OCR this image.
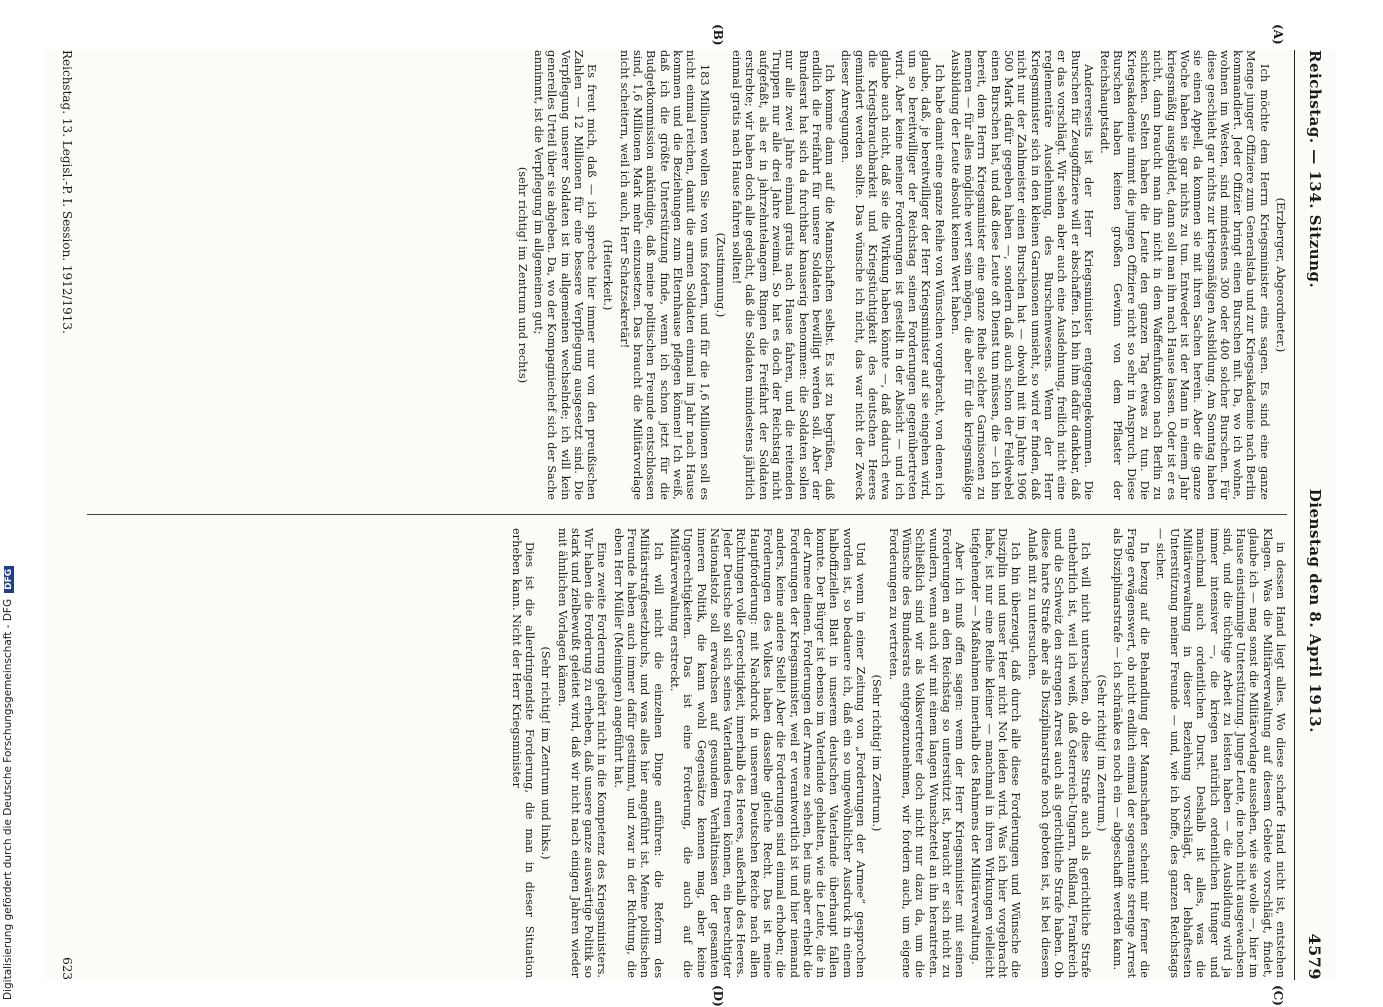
Digitalisierung gefördert durch die Deutsche Forschungsgemeinschaft - DFGDFG
Reichstag. — 134. Sitzung.
Dienstag den 8. April 1913.
4579
(A)
(B)
(C)
(D)

(Erzberger, Abgeordneter.)

Ich möchte dem Herrn Kriegsminister eins sagen. Es sind eine ganze Menge junger Offiziere zum Generalstab und zur Kriegsakademie nach Berlin kommandiert. Jeder Offizier bringt einen Burschen mit. Da, wo ich wohne, wohnen im Westen, sind mindestens 300 oder 400 solcher Burschen. Für diese geschieht gar nichts zur kriegsmäßigen Ausbildung. Am Sonntag haben sie einen Appell, da kommen sie mit ihren Sachen herein. Aber die ganze Woche haben sie gar nichts zu tun. Entweder ist der Mann in einem Jahr kriegsmäßig ausgebildet, dann soll man ihn nach Hause lassen. Oder ist er es nicht, dann braucht man ihn nicht in dem Waffenfunktion nach Berlin zu schicken. Selten haben die Leute den ganzen Tag etwas zu tun. Die Kriegsakademie nimmt die jungen Offiziere nicht so sehr in Anspruch. Diese Burschen haben keinen großen Gewinn von dem Pflaster der Reichshauptstadt.

Andererseits ist der Herr Kriegsminister entgegengekommen. Die Burschen für Zeugoffiziere will er abschaffen. Ich bin ihm dafür dankbar, daß er das vorschlägt. Wir sehen aber auch eine Ausdehnung, freilich nicht eine reglementäre Ausdehnung, des Burschenwesens. Wenn der Herr Kriegsminister sich in den kleinen Garnisonen umsieht, so wird er finden, daß nicht nur der Zahlmeister einen Burschen hat — obwohl mit im Jahre 1906 500 Mark dafür gegeben haben —, sondern daß auch schon der Feldwebel einen Burschen hat, und daß diese Leute oft Dienst tun müssen, die — ich bin bereit, dem Herrn Kriegsminister eine ganze Reihe solcher Garnisonen zu nennen — für alles mögliche wert sein mögen, die aber für die kriegsmäßige Ausbildung der Leute absolut keinen Wert haben.

Ich habe damit eine ganze Reihe von Wünschen vorgebracht, von denen ich glaube, daß, je bereitwilliger der Herr Kriegsminister auf sie eingehen wird, um so bereitwilliger der Reichstag seinen Forderungen gegenübertreten wird. Aber keine meiner Forderungen ist gestellt in der Absicht — und ich glaube auch nicht, daß sie die Wirkung haben könnte —, daß dadurch etwa die Kriegsbrauchbarkeit und Kriegstüchtigkeit des deutschen Heeres gemindert werden sollte. Das wünsche ich nicht, das war nicht der Zweck dieser Anregungen.

Ich komme dann auf die Mannschaften selbst. Es ist zu begrüßen, daß endlich die Freifahrt für unsere Soldaten bewilligt werden soll. Aber der Bundesrat hat sich da furchtbar knauserig benommen: die Soldaten sollen nur alle zwei Jahre einmal gratis nach Hause fahren, und die reitenden Truppen nur alle drei Jahre zweimal. So hat es doch der Reichstag nicht aufgefaßt, als er in jahrzehntelangem Ringen die Freifahrt der Soldaten erstrebte; wir haben doch alle gedacht, daß die Soldaten mindestens jährlich einmal gratis nach Hause fahren sollten!

(Zustimmung.)

183 Millionen wollen Sie von uns fordern, und für die 1,6 Millionen soll es nicht einmal reichen, damit die armen Soldaten einmal im Jahr nach Hause kommen und die Beziehungen zum Elternhause pflegen können! Ich weiß, daß ich die größte Unterstützung finde, wenn ich schon jetzt für die Budgetkommission ankündige, daß meine politischen Freunde entschlossen sind, 1,6 Millionen Mark mehr einzusetzen. Das braucht die Militärvorlage nicht scheitern, weil ich auch, Herr Schatzsekretär!

(Heiterkeit.)

Es freut mich, daß — ich spreche hier immer nur von den preußischen Zahlen — 12 Millionen für eine bessere Verpflegung ausgesetzt sind. Die Verpflegung unserer Soldaten ist im allgemeinen wechselnde; ich will kein generelles Urteil über sie abgeben. Da, wo der Kompagniechef sich der Sache annimmt, ist die Verpflegung im allgemeinen gut;

(sehr richtig! im Zentrum und rechts)

in dessen Hand liegt alles. Wo diese scharfe Hand nicht ist, entstehen Klagen. Was die Militärverwaltung auf diesem Gebiete vorschlägt, findet, glaube ich — mag sonst die Militärvorlage aussehen, wie sie wolle —, hier im Hause einstimmige Unterstützung. Junge Leute, die noch nicht ausgewachsen sind, und die tüchtige Arbeit zu leisten haben — die Ausbildung wird ja immer intensiver —, die kriegen natürlich ordentlichen Hunger und manchmal auch ordentlichen Durst. Deshalb ist alles, was die Militärverwaltung in dieser Beziehung vorschlägt, der lebhaftesten Unterstützung meiner Freunde — und, wie ich hoffe, des ganzen Reichstags — sicher.

In bezug auf die Behandlung der Mannschaften scheint mir ferner die Frage erwägenswert, ob nicht endlich einmal der sogenannte strenge Arrest als Disziplinarstrafe — ich schränke es noch ein — abgeschafft werden kann.

(Sehr richtig! im Zentrum.)

Ich will nicht untersuchen, ob diese Strafe auch als gerichtliche Strafe entbehrlich ist, weil ich weiß, daß Österreich-Ungarn, Rußland, Frankreich und die Schweiz den strengen Arrest auch als gerichtliche Strafe haben. Ob diese harte Strafe aber als Disziplinarstrafe noch geboten ist, ist bei diesem Anlaß mit zu untersuchen.

Ich bin überzeugt, daß durch alle diese Forderungen und Wünsche die Disziplin und unser Heer nicht Not leiden wird. Was ich hier vorgebracht habe, ist nur eine Reihe kleiner — manchmal in ihren Wirkungen vielleicht tiefgehender — Maßnahmen innerhalb des Rahmens der Militärverwaltung.

Aber ich muß offen sagen: wenn der Herr Kriegsminister mit seinen Forderungen an den Reichstag so unterstützt ist, braucht er sich nicht zu wundern, wenn auch wir mit einem langen Wunschzettel an ihn herantreten. Schließlich sind wir als Volksvertreter doch nicht nur dazu da, um die Wünsche des Bundesrats entgegenzunehmen, wir fordern auch, um eigene Forderungen zu vertreten.

(Sehr richtig! im Zentrum.)

Und wenn in einer Zeitung von „Forderungen der Armee“ gesprochen worden ist, so bedauere ich, daß ein so ungewöhnlicher Ausdruck in einem halboffiziellen Blatt in unserem deutschen Vaterlande überhaupt fallen konnte. Der Bürger ist ebenso im Vaterlande gehalten, wie die Leute, die in der Armee dienen. Forderungen der Armee zu sehen, bei uns aber erhebt die Forderungen der Kriegsminister, weil er verantwortlich ist und hier niemand anders, keine andere Stelle! Aber die Forderungen sind einmal erhoben; die Forderungen des Volkes haben dasselbe gleiche Recht. Das ist meine Hauptforderung: mit Nachdruck in unserem Deutschen Reiche nach allen Richtungen volle Gerechtigkeit, innerhalb des Heeres, außerhalb des Heeres. Jeder Deutsche soll sich seines Vaterlandes freuen können, ein berechtigter Nationalstolz soll erwachsen auf gesundem Verhältnissen der gesamten inneren Politik, die kann wohl Gegensätze kennen mag, aber keine Ungerechtigkeiten. Das ist eine Forderung, die auch auf die Militärverwaltung erstreckt.

Ich will nicht die einzelnen Dinge anführen: die Reform des Militärstrafgesetzbuchs, und was alles hier angeführt ist. Meine politischen Freunde haben auch immer dafür gestimmt, und zwar in der Richtung, die eben Herr Müller (Meiningen) angeführt hat.

Eine zweite Forderung gehört nicht in die Kompetenz des Kriegsministers. Wir haben die Forderung zu erheben, daß unsere ganze auswärtige Politik so stark und zielbewußt geleitet wird, daß wir nicht nach einigen Jahren wieder mit ähnlichen Vorlagen kämen.

(Sehr richtig! im Zentrum und links.)

Dies ist die allerdringendste Forderung, die man in dieser Situation erheben kann. Nicht der Herr Kriegsminister

Reichstag. 13. Legisl.-P. I. Session. 1912/1913.
623
